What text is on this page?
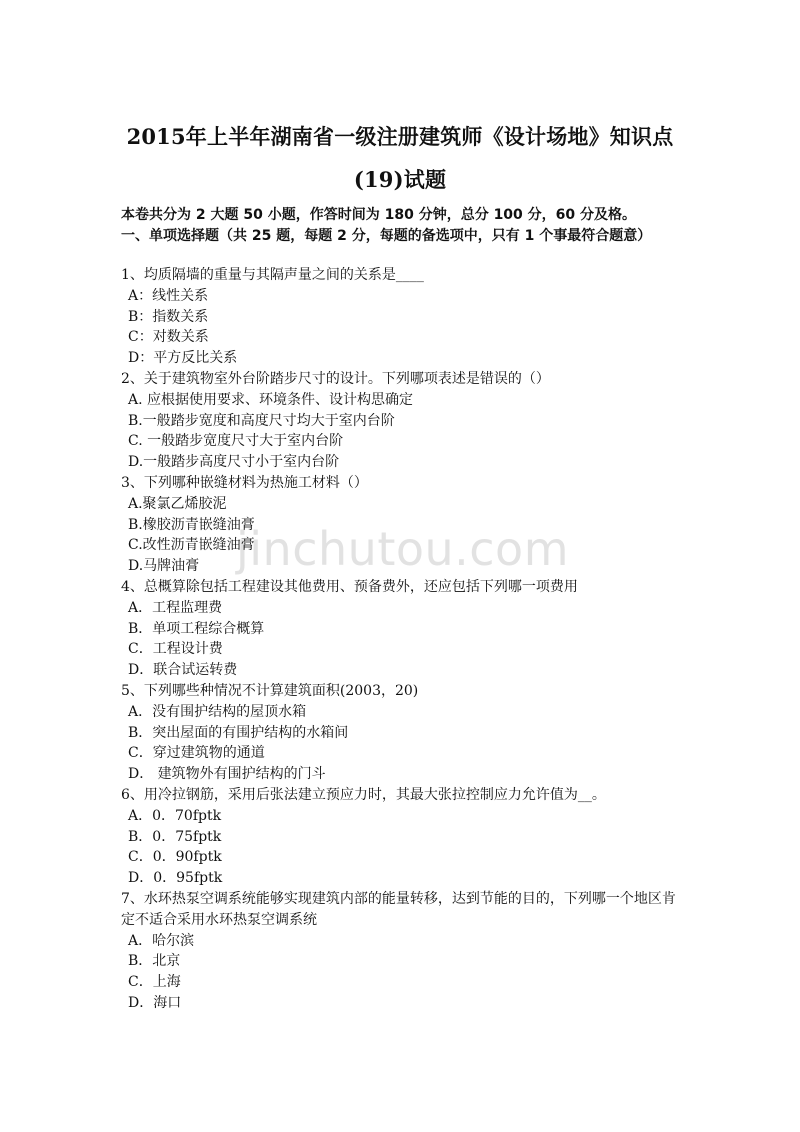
jinchutou.com
2015年上半年湖南省一级注册建筑师《设计场地》知识点
(19)试题
本卷共分为 2 大题 50 小题，作答时间为 180 分钟，总分 100 分，60 分及格。
一、单项选择题（共 25 题，每题 2 分，每题的备选项中，只有 1 个事最符合题意）
1、均质隔墙的重量与其隔声量之间的关系是____
A：线性关系
B：指数关系
C：对数关系
D：平方反比关系
2、关于建筑物室外台阶踏步尺寸的设计。下列哪项表述是错误的（）
A. 应根据使用要求、环境条件、设计构思确定
B.一般踏步宽度和高度尺寸均大于室内台阶
C. 一般踏步宽度尺寸大于室内台阶
D.一般踏步高度尺寸小于室内台阶
3、下列哪种嵌缝材料为热施工材料（）
A.聚氯乙烯胶泥
B.橡胶沥青嵌缝油膏
C.改性沥青嵌缝油膏
D.马牌油膏
4、总概算除包括工程建设其他费用、预备费外，还应包括下列哪一项费用
A．工程监理费
B．单项工程综合概算
C．工程设计费
D．联合试运转费
5、下列哪些种情况不计算建筑面积(2003，20)
A．没有围护结构的屋顶水箱
B．突出屋面的有围护结构的水箱间
C．穿过建筑物的通道
D． 建筑物外有围护结构的门斗
6、用冷拉钢筋，采用后张法建立预应力时，其最大张拉控制应力允许值为__。
A．0．70fptk
B．0．75fptk
C．0．90fptk
D．0．95fptk
7、水环热泵空调系统能够实现建筑内部的能量转移，达到节能的目的，下列哪一个地区肯定不适合采用水环热泵空调系统
A．哈尔滨
B．北京
C．上海
D．海口
